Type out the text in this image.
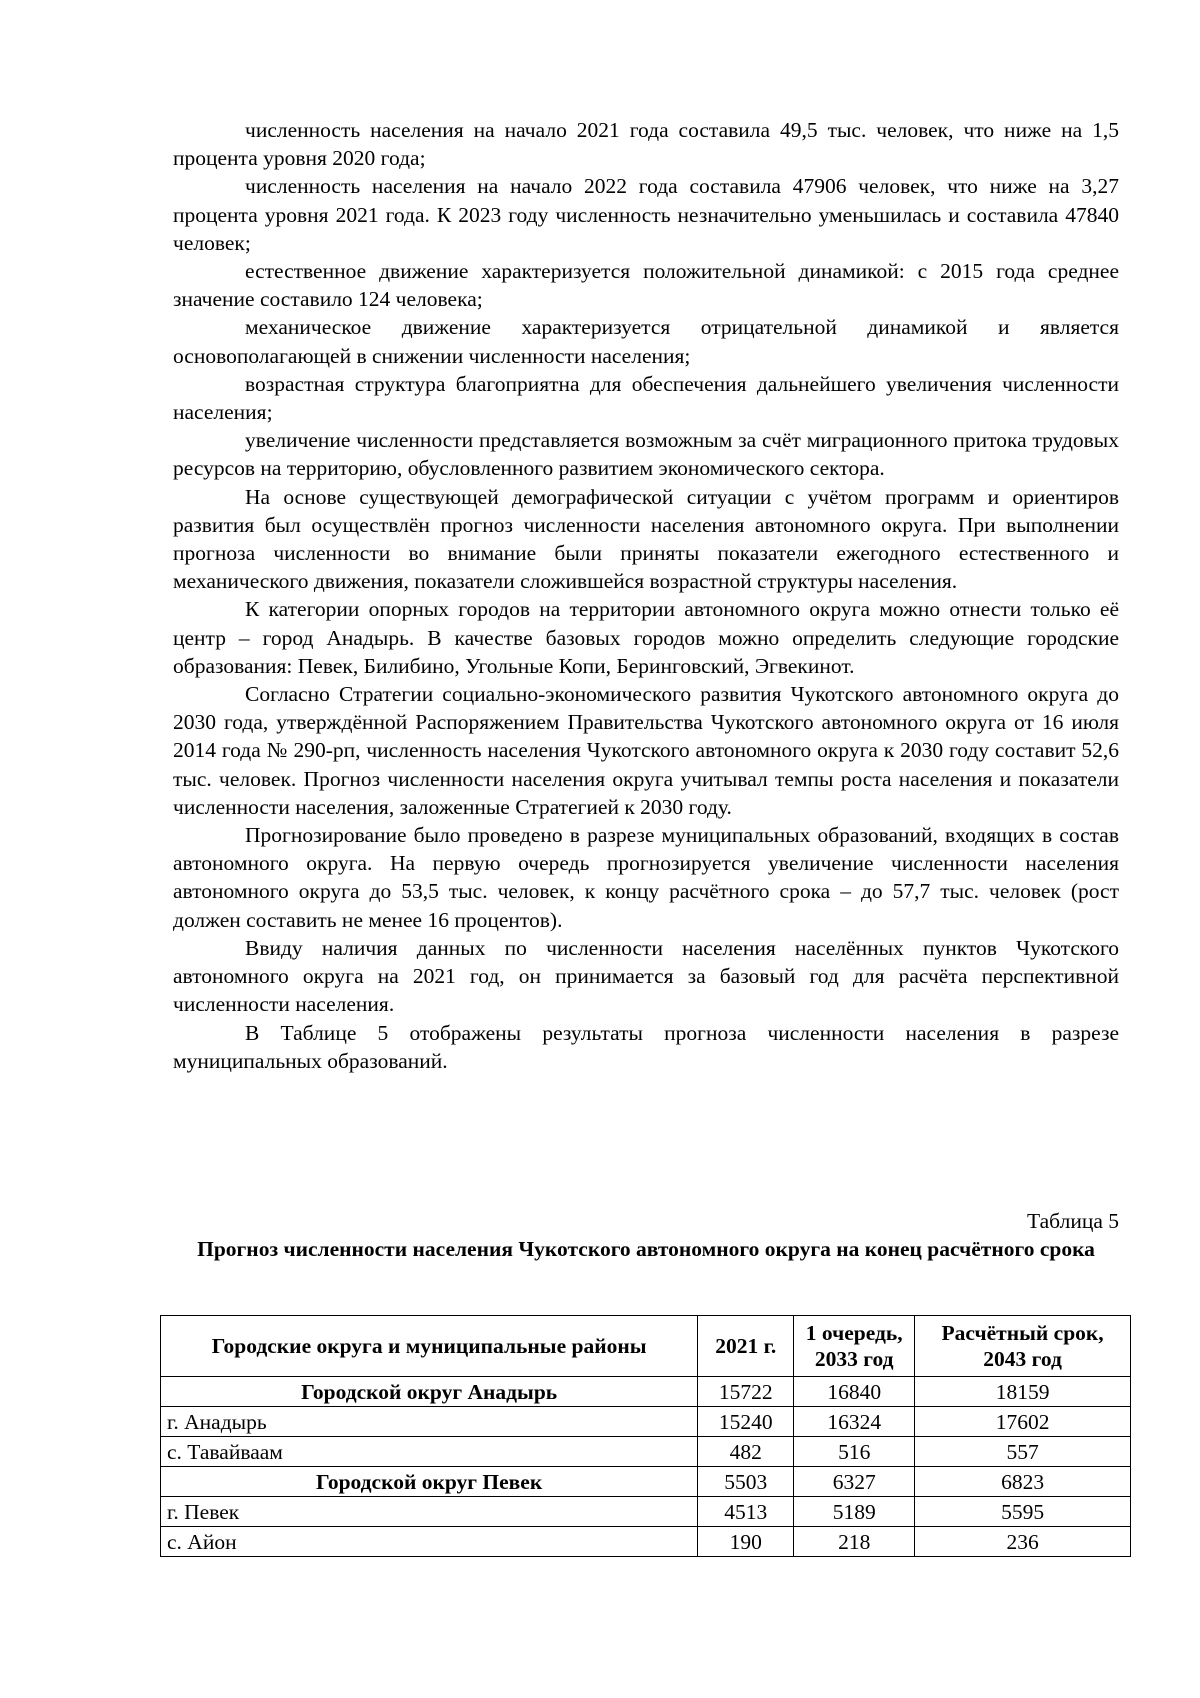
численность населения на начало 2021 года составила 49,5 тыс. человек, что ниже на 1,5 процента уровня 2020 года;

численность населения на начало 2022 года составила 47906 человек, что ниже на 3,27 процента уровня 2021 года. К 2023 году численность незначительно уменьшилась и составила 47840 человек;

естественное движение характеризуется положительной динамикой: с 2015 года среднее значение составило 124 человека;

механическое движение характеризуется отрицательной динамикой и является основополагающей в снижении численности населения;

возрастная структура благоприятна для обеспечения дальнейшего увеличения численности населения;

увеличение численности представляется возможным за счёт миграционного притока трудовых ресурсов на территорию, обусловленного развитием экономического сектора.

На основе существующей демографической ситуации с учётом программ и ориентиров развития был осуществлён прогноз численности населения автономного округа. При выполнении прогноза численности во внимание были приняты показатели ежегодного естественного и механического движения, показатели сложившейся возрастной структуры населения.

К категории опорных городов на территории автономного округа можно отнести только её центр – город Анадырь. В качестве базовых городов можно определить следующие городские образования: Певек, Билибино, Угольные Копи, Беринговский, Эгвекинот.

Согласно Стратегии социально-экономического развития Чукотского автономного округа до 2030 года, утверждённой Распоряжением Правительства Чукотского автономного округа от 16 июля 2014 года № 290-рп, численность населения Чукотского автономного округа к 2030 году составит 52,6 тыс. человек. Прогноз численности населения округа учитывал темпы роста населения и показатели численности населения, заложенные Стратегией к 2030 году.

Прогнозирование было проведено в разрезе муниципальных образований, входящих в состав автономного округа. На первую очередь прогнозируется увеличение численности населения автономного округа до 53,5 тыс. человек, к концу расчётного срока – до 57,7 тыс. человек (рост должен составить не менее 16 процентов).

Ввиду наличия данных по численности населения населённых пунктов Чукотского автономного округа на 2021 год, он принимается за базовый год для расчёта перспективной численности населения.

В Таблице 5 отображены результаты прогноза численности населения в разрезе муниципальных образований.

Таблица 5
Прогноз численности населения Чукотского автономного округа на конец расчётного срока
Городские округа и муниципальные районы	2021 г.	1 очередь, 2033 год	Расчётный срок, 2043 год
Городской округ Анадырь	15722	16840	18159
г. Анадырь	15240	16324	17602
с. Тавайваам	482	516	557
Городской округ Певек	5503	6327	6823
г. Певек	4513	5189	5595
с. Айон	190	218	236
